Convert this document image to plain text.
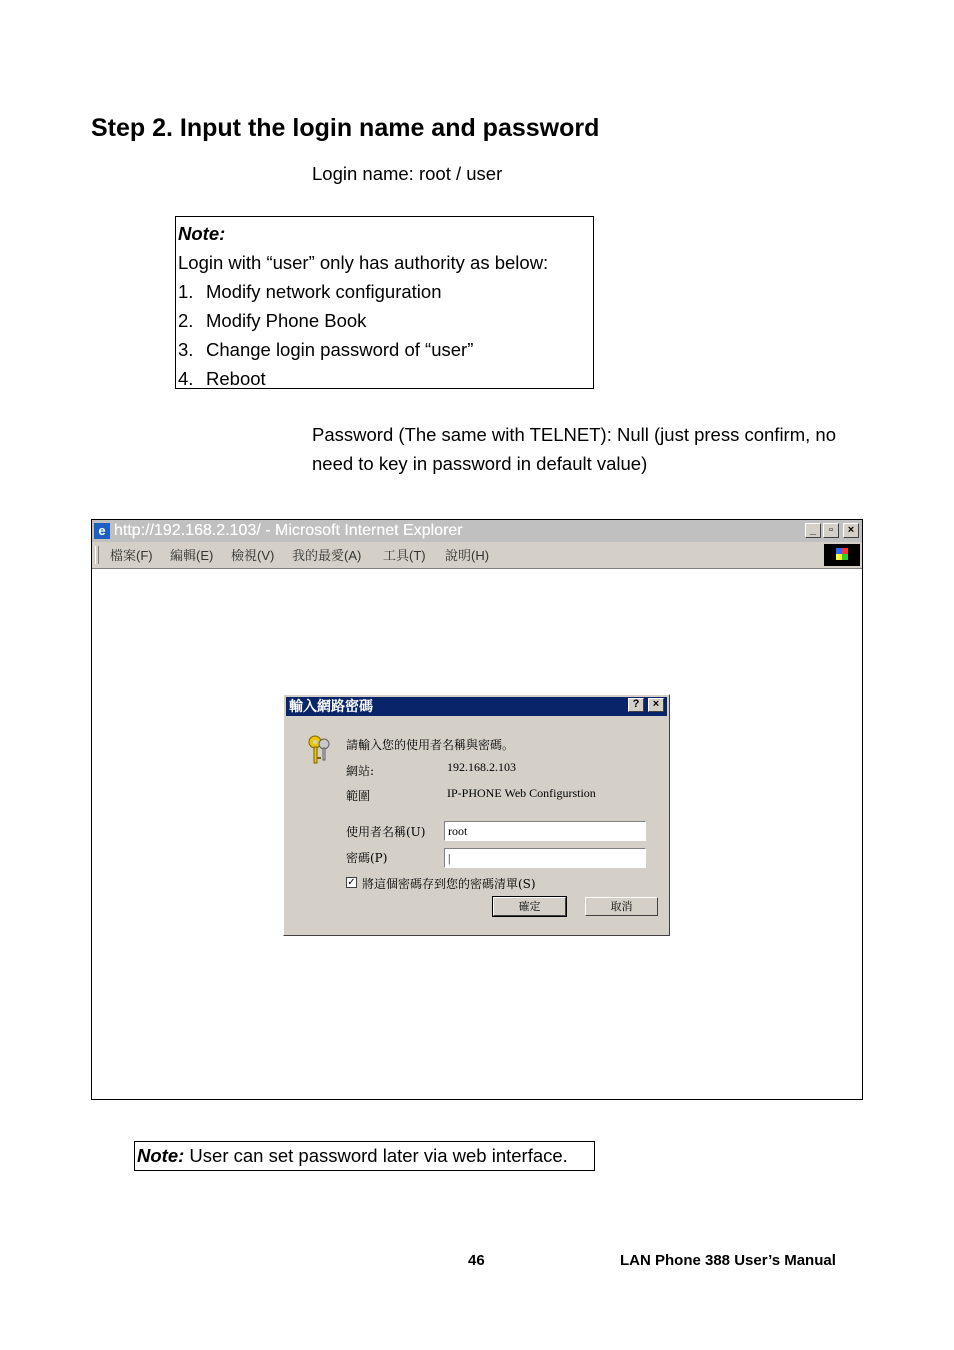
Step 2. Input the login name and password
Login name: root / user
Note:
Login with “user” only has authority as below:
1. Modify network configuration
2. Modify Phone Book
3. Change login password of “user”
4. Reboot
Password (The same with TELNET): Null (just press confirm, no
need to key in password in default value)
e http://192.168.2.103/ - Microsoft Internet Explorer	_	▫	×
檔案(F) 編輯(E) 檢視(V) 我的最愛(A) 工具(T) 說明(H)
輸入網路密碼	?	×
請輸入您的使用者名稱與密碼。
網站:	192.168.2.103
範圍	IP-PHONE Web Configurstion
使用者名稱(U)
root
密碼(P)
|
✓ 將這個密碼存到您的密碼清單(S)
確定	取消
Note: User can set password later via web interface.
46	LAN Phone 388 User’s Manual
